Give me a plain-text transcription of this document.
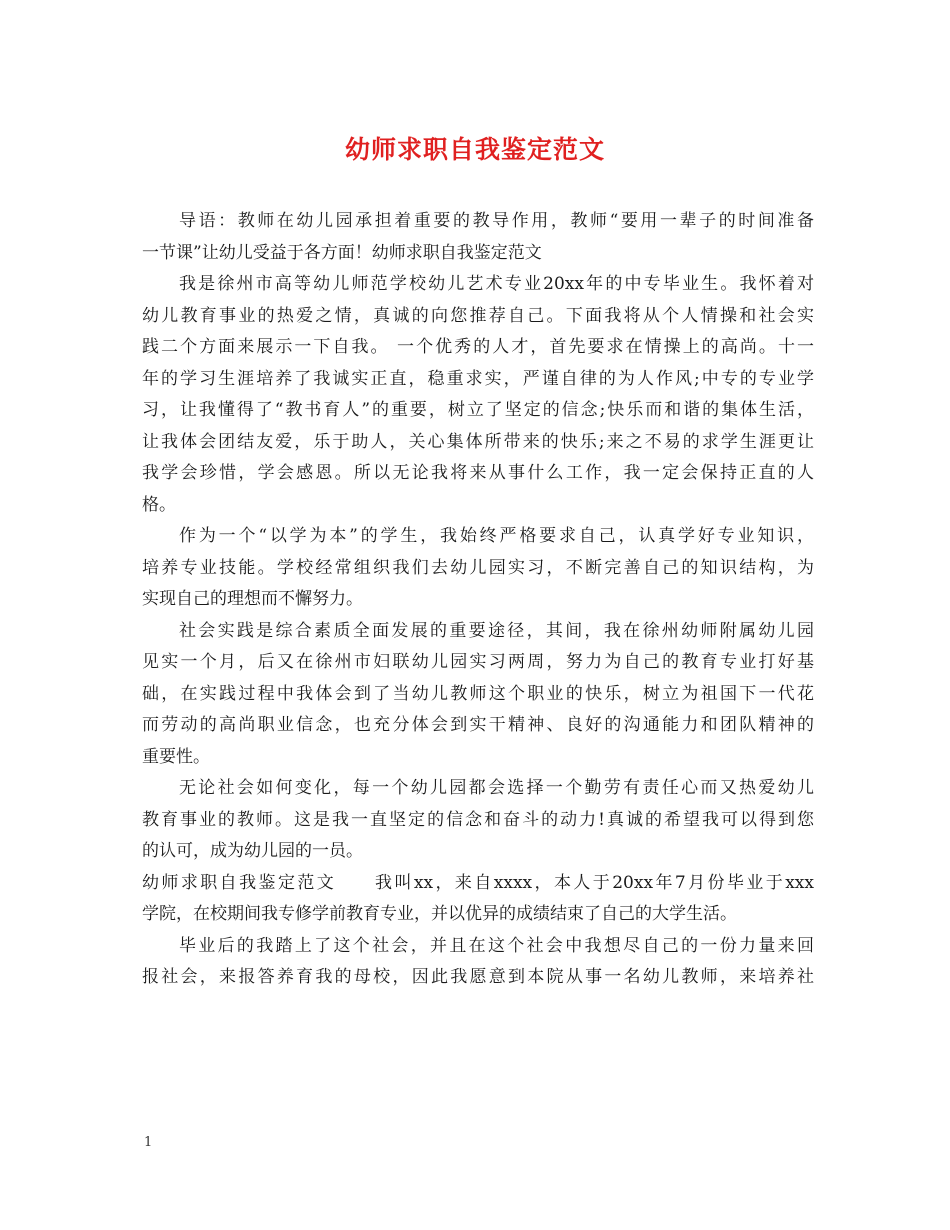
幼师求职自我鉴定范文
导语：教师在幼儿园承担着重要的教导作用，教师“要用一辈子的时间准备
一节课”让幼儿受益于各方面！幼师求职自我鉴定范文
我是徐州市高等幼儿师范学校幼儿艺术专业20xx年的中专毕业生。我怀着对
幼儿教育事业的热爱之情，真诚的向您推荐自己。下面我将从个人情操和社会实
践二个方面来展示一下自我。 一个优秀的人才，首先要求在情操上的高尚。十一
年的学习生涯培养了我诚实正直，稳重求实，严谨自律的为人作风;中专的专业学
习，让我懂得了“教书育人”的重要，树立了坚定的信念;快乐而和谐的集体生活，
让我体会团结友爱，乐于助人，关心集体所带来的快乐;来之不易的求学生涯更让
我学会珍惜，学会感恩。所以无论我将来从事什么工作，我一定会保持正直的人
格。
作为一个“以学为本”的学生，我始终严格要求自己，认真学好专业知识，
培养专业技能。学校经常组织我们去幼儿园实习，不断完善自己的知识结构，为
实现自己的理想而不懈努力。
社会实践是综合素质全面发展的重要途径，其间，我在徐州幼师附属幼儿园
见实一个月，后又在徐州市妇联幼儿园实习两周，努力为自己的教育专业打好基
础，在实践过程中我体会到了当幼儿教师这个职业的快乐，树立为祖国下一代花
而劳动的高尚职业信念，也充分体会到实干精神、良好的沟通能力和团队精神的
重要性。
无论社会如何变化，每一个幼儿园都会选择一个勤劳有责任心而又热爱幼儿
教育事业的教师。这是我一直坚定的信念和奋斗的动力!真诚的希望我可以得到您
的认可，成为幼儿园的一员。
幼师求职自我鉴定范文　　我叫xx，来自xxxx，本人于20xx年7月份毕业于xxx
学院，在校期间我专修学前教育专业，并以优异的成绩结束了自己的大学生活。
毕业后的我踏上了这个社会，并且在这个社会中我想尽自己的一份力量来回
报社会，来报答养育我的母校，因此我愿意到本院从事一名幼儿教师，来培养社
1
